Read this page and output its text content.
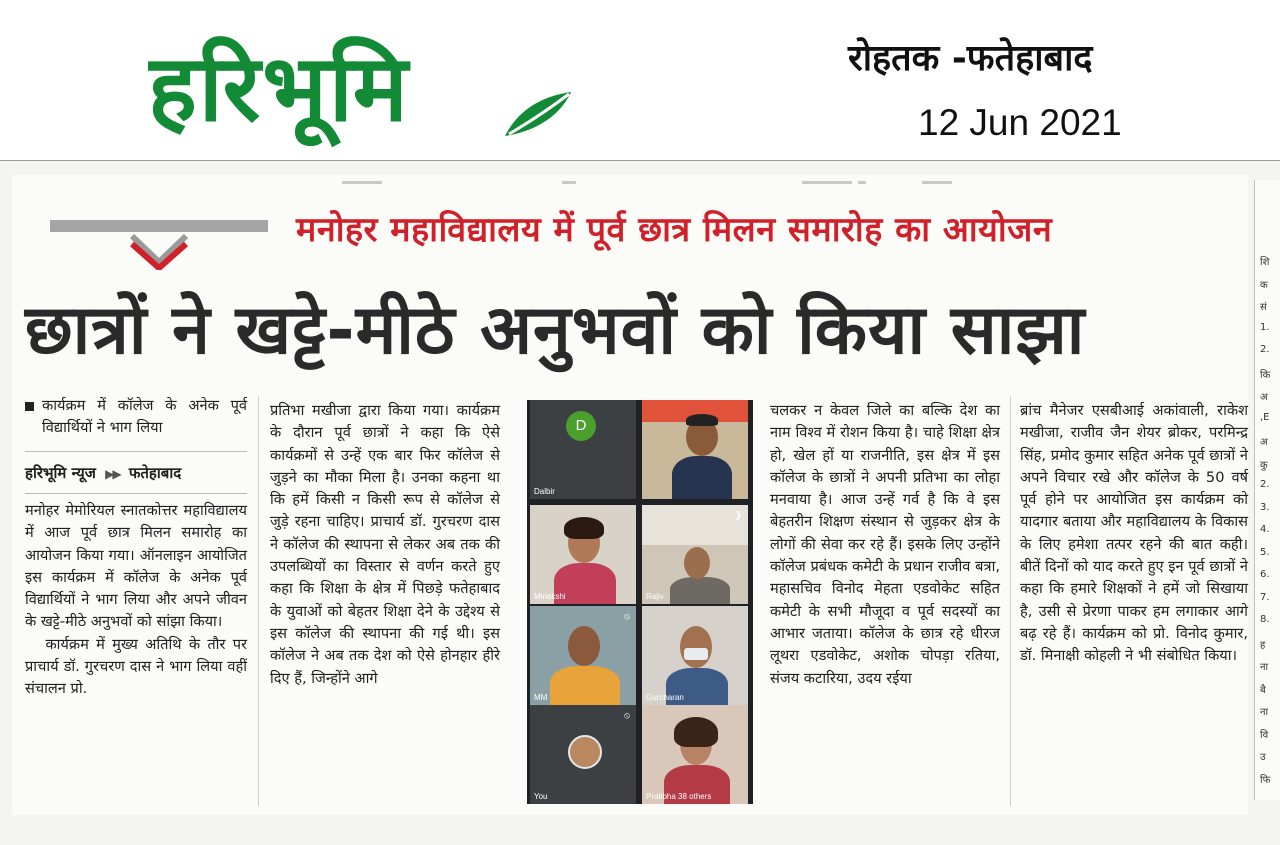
हरिभूमि	रोहतक -फतेहाबाद
12 Jun 2021
मनोहर महाविद्यालय में पूर्व छात्र मिलन समारोह का आयोजन
छात्रों ने खट्टे-मीठे अनुभवों को किया साझा
कार्यक्रम में कॉलेज के अनेक पूर्व विद्यार्थियों ने भाग लिया
हरिभूमि न्यूज ▶▶ फतेहाबाद

मनोहर मेमोरियल स्नातकोत्तर महाविद्यालय में आज पूर्व छात्र मिलन समारोह का आयोजन किया गया। ऑनलाइन आयोजित इस कार्यक्रम में कॉलेज के अनेक पूर्व विद्यार्थियों ने भाग लिया और अपने जीवन के खट्टे-मीठे अनुभवों को सांझा किया।

कार्यक्रम में मुख्य अतिथि के तौर पर प्राचार्य डॉ. गुरचरण दास ने भाग लिया वहीं संचालन प्रो.

प्रतिभा मखीजा द्वारा किया गया। कार्यक्रम के दौरान पूर्व छात्रों ने कहा कि ऐसे कार्यक्रमों से उन्हें एक बार फिर कॉलेज से जुड़ने का मौका मिला है। उनका कहना था कि हमें किसी न किसी रूप से कॉलेज से जुड़े रहना चाहिए। प्राचार्य डॉ. गुरचरण दास ने कॉलेज की स्थापना से लेकर अब तक की उपलब्धियों का विस्तार से वर्णन करते हुए कहा कि शिक्षा के क्षेत्र में पिछड़े फतेहाबाद के युवाओं को बेहतर शिक्षा देने के उद्देश्य से इस कॉलेज की स्थापना की गई थी। इस कॉलेज ने अब तक देश को ऐसे होनहार हीरे दिए हैं, जिन्होंने आगे

D
Dalbir
Minakshi	Rajiv
❯
MM
⦸
Gurcharan
You
⦸
Pratibha 38 others

चलकर न केवल जिले का बल्कि देश का नाम विश्व में रोशन किया है। चाहे शिक्षा क्षेत्र हो, खेल हों या राजनीति, इस क्षेत्र में इस कॉलेज के छात्रों ने अपनी प्रतिभा का लोहा मनवाया है। आज उन्हें गर्व है कि वे इस बेहतरीन शिक्षण संस्थान से जुड़कर क्षेत्र के लोगों की सेवा कर रहे हैं। इसके लिए उन्होंने कॉलेज प्रबंधक कमेटी के प्रधान राजीव बत्रा, महासचिव विनोद मेहता एडवोकेट सहित कमेटी के सभी मौजूदा व पूर्व सदस्यों का आभार जताया। कॉलेज के छात्र रहे धीरज लूथरा एडवोकेट, अशोक चोपड़ा रतिया, संजय कटारिया, उदय रईया

ब्रांच मैनेजर एसबीआई अकांवाली, राकेश मखीजा, राजीव जैन शेयर ब्रोकर, परमिन्द्र सिंह, प्रमोद कुमार सहित अनेक पूर्व छात्रों ने अपने विचार रखे और कॉलेज के 50 वर्ष पूर्व होने पर आयोजित इस कार्यक्रम को यादगार बताया और महाविद्यालय के विकास के लिए हमेशा तत्पर रहने की बात कही। बीतें दिनों को याद करते हुए इन पूर्व छात्रों ने कहा कि हमारे शिक्षकों ने हमें जो सिखाया है, उसी से प्रेरणा पाकर हम लगाकार आगे बढ़ रहे हैं। कार्यक्रम को प्रो. विनोद कुमार, डॉ. मिनाक्षी कोहली ने भी संबोधित किया।

शि
क
सं
1.
2.
कि
अ
,E
अ
कु
2.
3.
4.
5.
6.
7.
8.
ह
ना
बै
ना
वि
उ
फि
